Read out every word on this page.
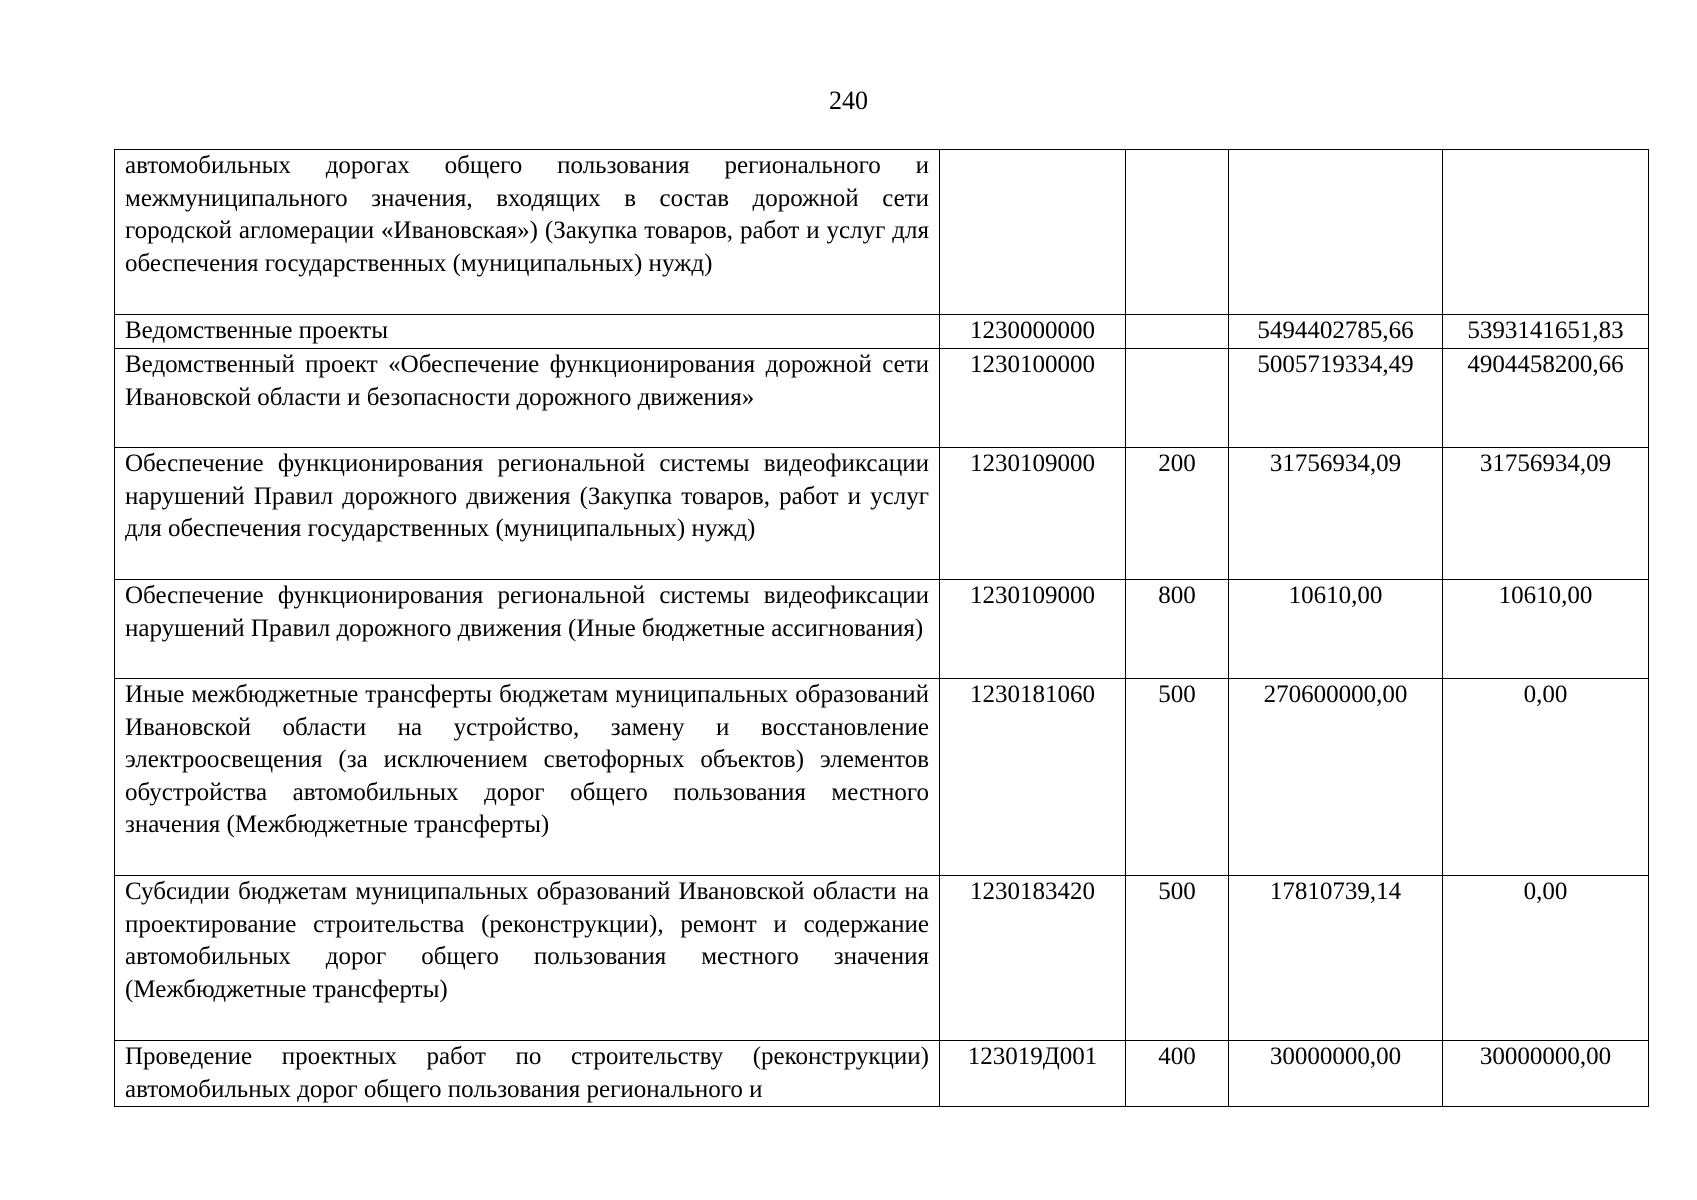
240
автомобильных дорогах общего пользования регионального и межмуниципального значения, входящих в состав дорожной сети городской агломерации «Ивановская») (Закупка товаров, работ и услуг для обеспечения государственных (муниципальных) нужд)				
Ведомственные проекты	1230000000		5494402785,66	5393141651,83
Ведомственный проект «Обеспечение функционирования дорожной сети Ивановской области и безопасности дорожного движения»	1230100000		5005719334,49	4904458200,66
Обеспечение функционирования региональной системы видеофиксации нарушений Правил дорожного движения (Закупка товаров, работ и услуг для обеспечения государственных (муниципальных) нужд)	1230109000	200	31756934,09	31756934,09
Обеспечение функционирования региональной системы видеофиксации нарушений Правил дорожного движения (Иные бюджетные ассигнования)	1230109000	800	10610,00	10610,00
Иные межбюджетные трансферты бюджетам муниципальных образований Ивановской области на устройство, замену и восстановление электроосвещения (за исключением светофорных объектов) элементов обустройства автомобильных дорог общего пользования местного значения (Межбюджетные трансферты)	1230181060	500	270600000,00	0,00
Субсидии бюджетам муниципальных образований Ивановской области на проектирование строительства (реконструкции), ремонт и содержание автомобильных дорог общего пользования местного значения (Межбюджетные трансферты)	1230183420	500	17810739,14	0,00
Проведение проектных работ по строительству (реконструкции) автомобильных дорог общего пользования регионального и	123019Д001	400	30000000,00	30000000,00
